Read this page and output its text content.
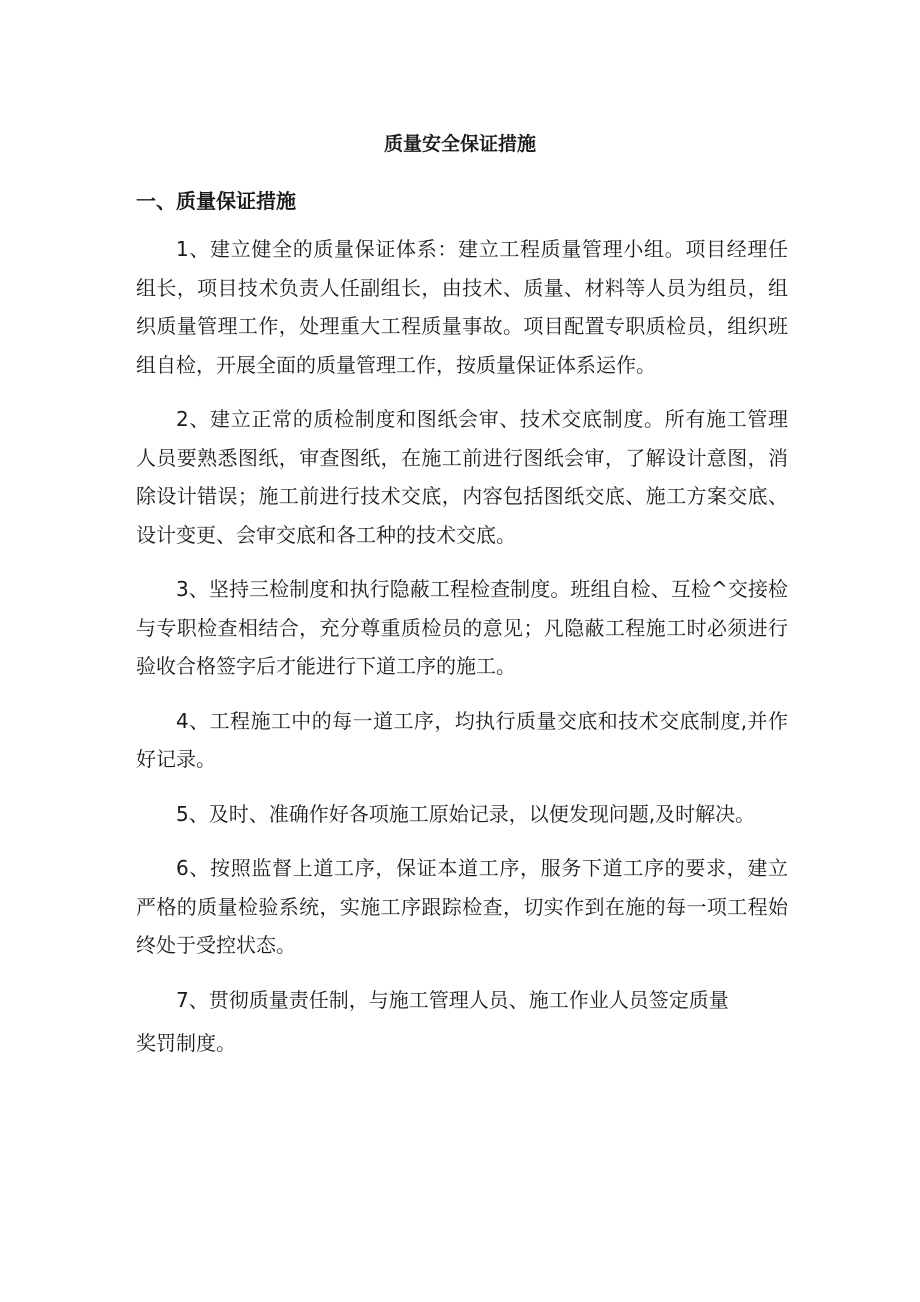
质量安全保证措施
一、质量保证措施

1、建立健全的质量保证体系：建立工程质量管理小组。项目经理任组长，项目技术负责人任副组长，由技术、质量、材料等人员为组员，组织质量管理工作，处理重大工程质量事故。项目配置专职质检员，组织班组自检，开展全面的质量管理工作，按质量保证体系运作。

2、建立正常的质检制度和图纸会审、技术交底制度。所有施工管理人员要熟悉图纸，审查图纸，在施工前进行图纸会审，了解设计意图，消除设计错误；施工前进行技术交底，内容包括图纸交底、施工方案交底、设计变更、会审交底和各工种的技术交底。

3、坚持三检制度和执行隐蔽工程检查制度。班组自检、互检^交接检与专职检查相结合，充分尊重质检员的意见；凡隐蔽工程施工时必须进行验收合格签字后才能进行下道工序的施工。

4、工程施工中的每一道工序，均执行质量交底和技术交底制度,并作好记录。

5、及时、准确作好各项施工原始记录，以便发现问题,及时解决。

6、按照监督上道工序，保证本道工序，服务下道工序的要求，建立严格的质量检验系统，实施工序跟踪检查，切实作到在施的每一项工程始终处于受控状态。

7、贯彻质量责任制，与施工管理人员、施工作业人员签定质量

奖罚制度。
